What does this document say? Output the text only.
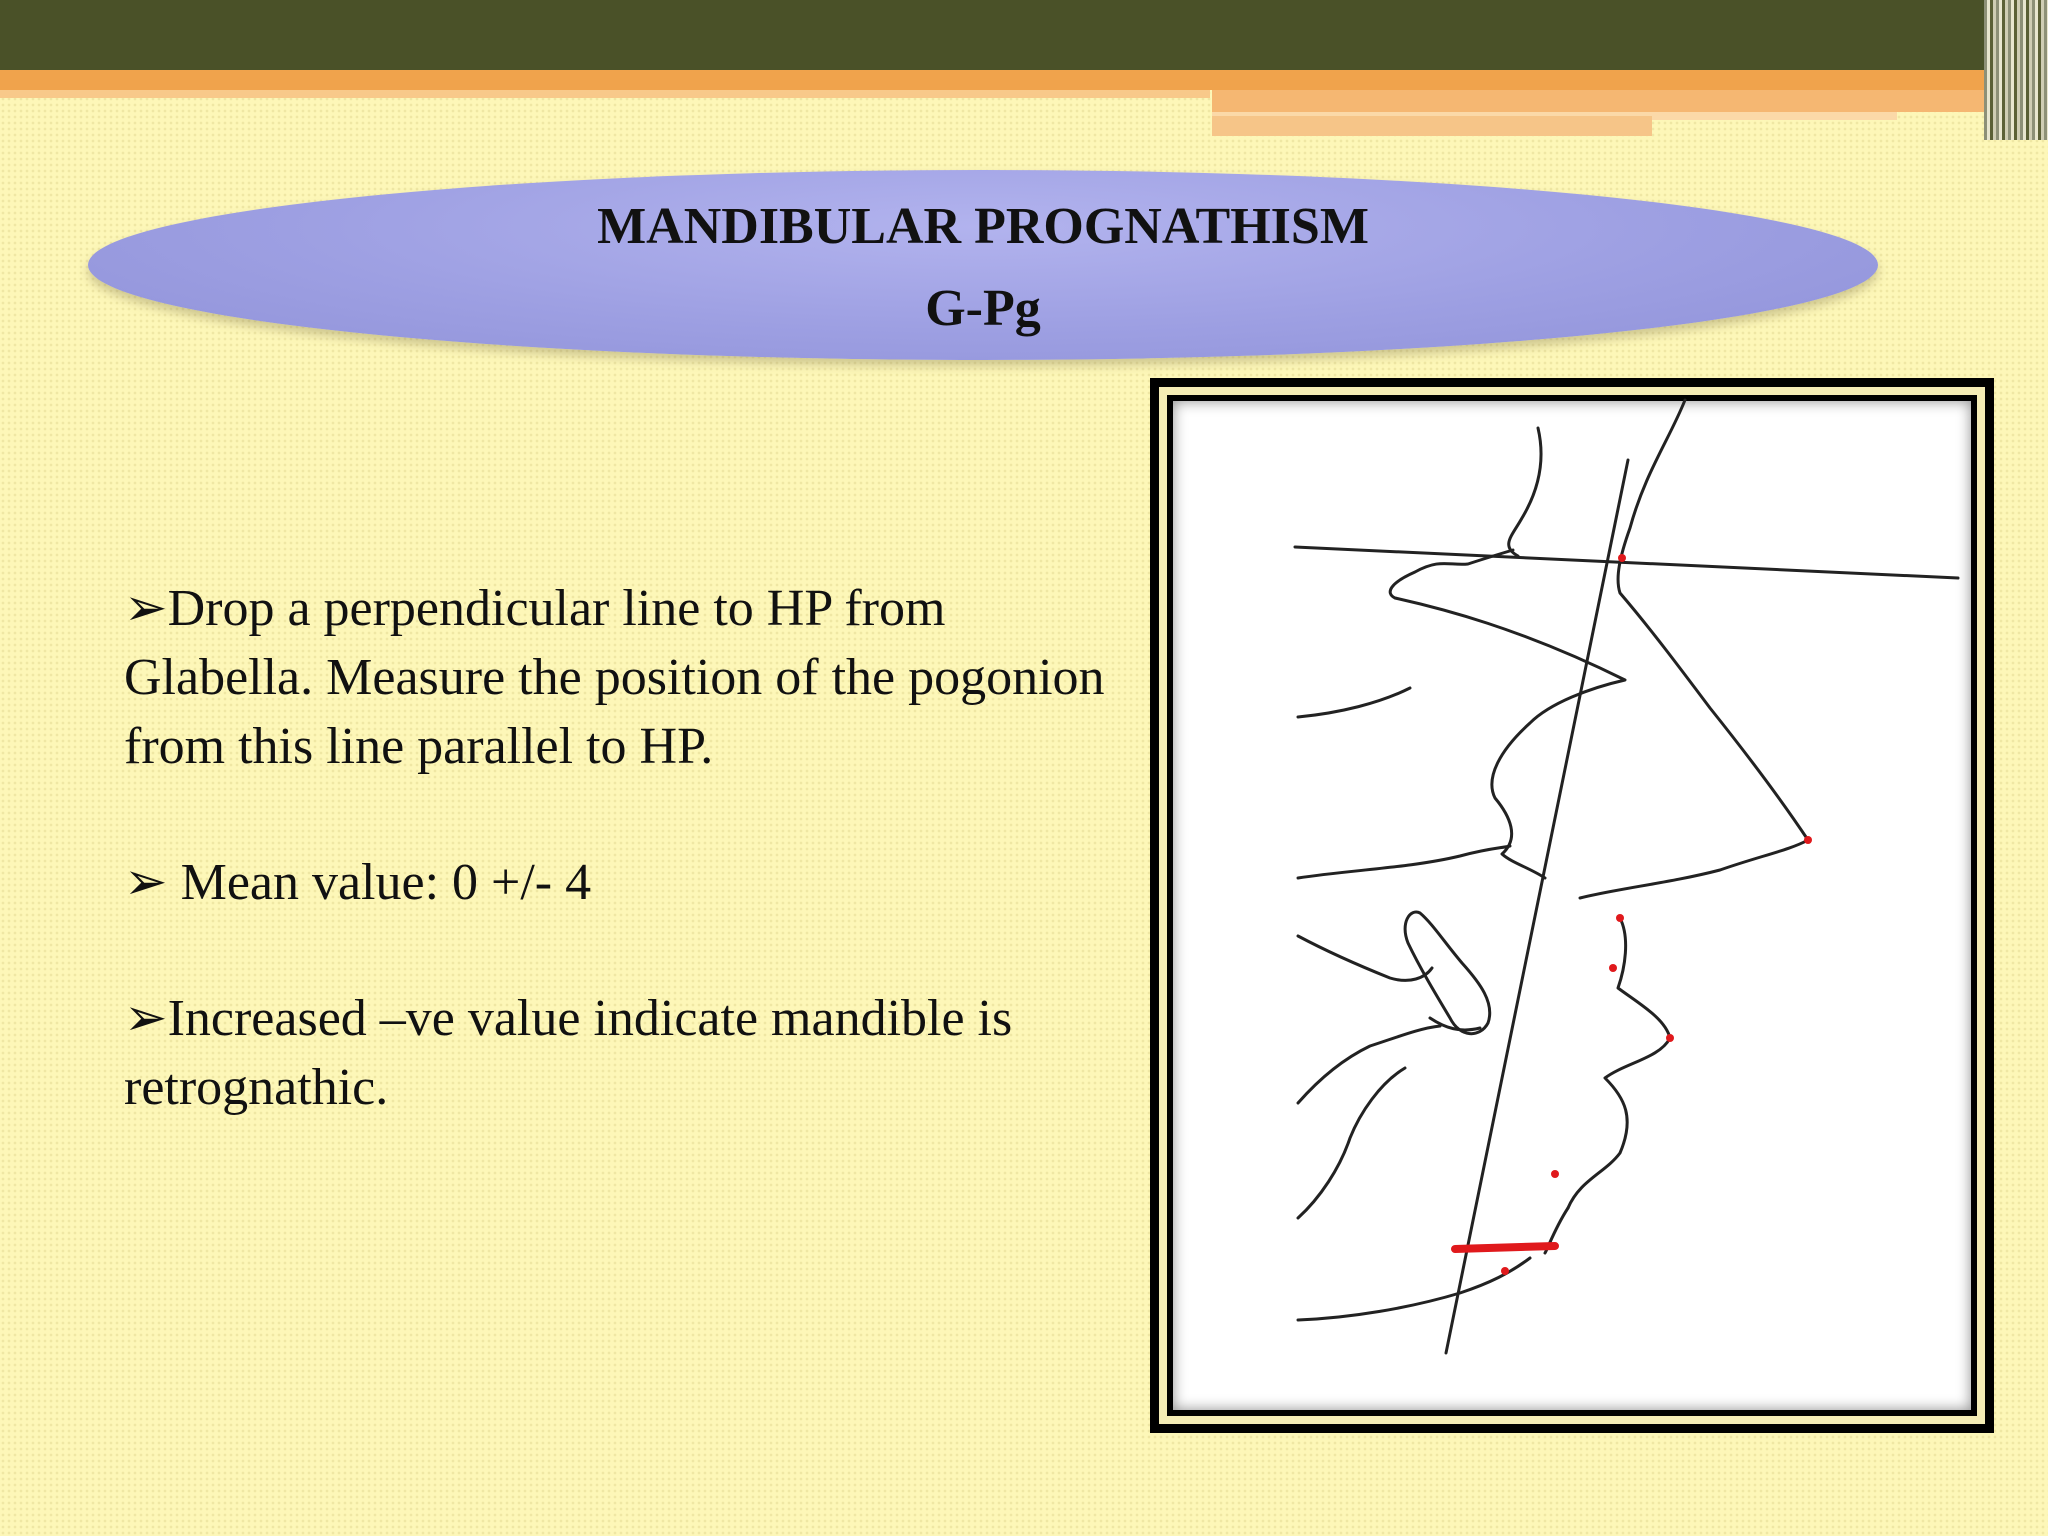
MANDIBULAR PROGNATHISM
G-Pg

➢Drop a perpendicular line to HP from Glabella. Measure the position of the pogonion from this line parallel to HP.

➢ Mean value: 0 +/- 4

➢Increased –ve value indicate mandible is retrognathic.
